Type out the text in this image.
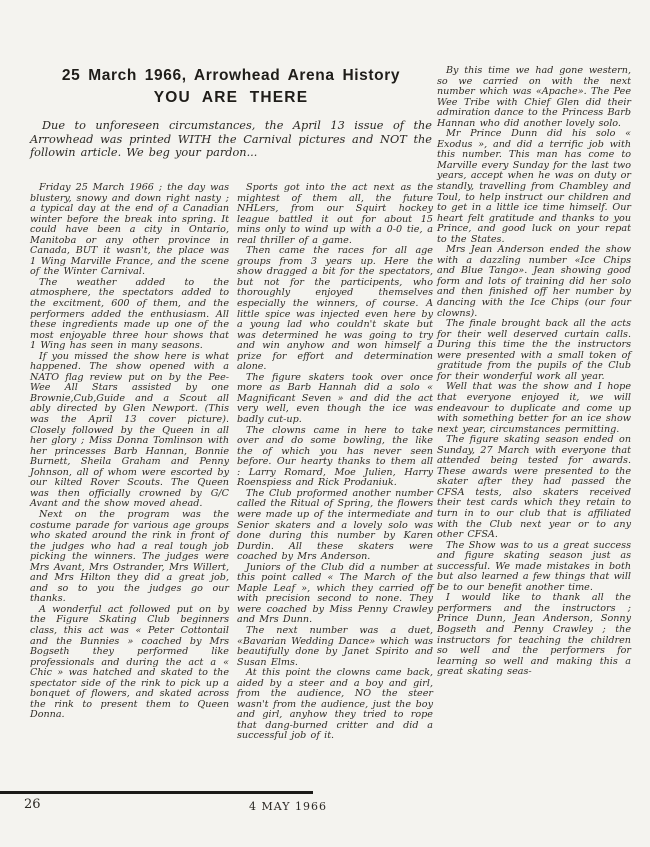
25 March 1966, Arrowhead Arena History
YOU ARE THERE
Due to unforeseen circumstances, the April 13 issue of the Arrowhead was printed WITH the Carnival pictures and NOT the followin article. We beg your pardon...

Friday 25 March 1966 ; the day was blustery, snowy and down right nasty ; a typical day at the end of a Canadian winter before the break into spring. It could have been a city in Ontario, Manitoba or any other province in Canada, BUT it wasn't, the place was 1 Wing Marville France, and the scene of the Winter Carnival.

The weather added to the atmosphere, the spectators added to the excitment, 600 of them, and the performers added the enthusiasm. All these ingredients made up one of the most enjoyable three hour shows that 1 Wing has seen in many seasons.

If you missed the show here is what happened. The show opened with a NATO flag review put on by the Pee-Wee All Stars assisted by one Brownie,Cub,Guide and a Scout all ably directed by Glen Newport. (This was the April 13 cover picture). Closely followed by the Queen in all her glory ; Miss Donna Tomlinson with her princesses Barb Hannan, Bonnie Burnett, Sheila Graham and Penny Johnson, all of whom were escorted by our kilted Rover Scouts. The Queen was then officially crowned by G/C Avant and the show moved ahead.

Next on the program was the costume parade for various age groups who skated around the rink in front of the judges who had a real tough job picking the winners. The judges were Mrs Avant, Mrs Ostrander, Mrs Willert, and Mrs Hilton they did a great job, and so to you the judges go our thanks.

A wonderful act followed put on by the Figure Skating Club beginners class, this act was « Peter Cottontail and the Bunnies » coached by Mrs Bogseth they performed like professionals and during the act a « Chic » was hatched and skated to the spectator side of the rink to pick up a bonquet of flowers, and skated across the rink to present them to Queen Donna.

Sports got into the act next as the mightest of them all, the future NHLers, from our Squirt hockey league battled it out for about 15 mins only to wind up with a 0-0 tie, a real thriller of a game.

Then came the races for all age groups from 3 years up. Here the show dragged a bit for the spectators, but not for the participents, who thoroughly enjoyed themselves especially the winners, of course. A little spice was injected even here by a young lad who couldn't skate but was determined he was going to try and win anyhow and won himself a prize for effort and determination alone.

The figure skaters took over once more as Barb Hannah did a solo « Magnificant Seven » and did the act very well, even though the ice was badly cut-up.

The clowns came in here to take over and do some bowling, the like the of which you has never seen before. Our hearty thanks to them all : Larry Romard, Moe Julien, Harry Roenspiess and Rick Prodaniuk.

The Club proformed another number called the Ritual of Spring, the flowers were made up of the intermediate and Senior skaters and a lovely solo was done during this number by Karen Durdin. All these skaters were coached by Mrs Anderson.

Juniors of the Club did a number at this point called « The March of the Maple Leaf », which they carried off with precision second to none. They were coached by Miss Penny Crawley and Mrs Dunn.

The next number was a duet, «Bavarian Wedding Dance» which was beautifully done by Janet Spirito and Susan Elms.

At this point the clowns came back, aided by a steer and a boy and girl, from the audience, NO the steer wasn't from the audience, just the boy and girl, anyhow they tried to rope that dang-burned critter and did a successful job of it.

By this time we had gone western, so we carried on with the next number which was «Apache». The Pee Wee Tribe with Chief Glen did their admiration dance to the Princess Barb Hannan who did another lovely solo.

Mr Prince Dunn did his solo « Exodus », and did a terrific job with this number. This man has come to Marville every Sunday for the last two years, accept when he was on duty or standly, travelling from Chambley and Toul, to help instruct our children and to get in a little ice time himself. Our heart felt gratitude and thanks to you Prince, and good luck on your repat to the States.

Mrs Jean Anderson ended the show with a dazzling number «Ice Chips and Blue Tango». Jean showing good form and lots of training did her solo and then finished off her number by dancing with the Ice Chips (our four clowns).

The finale brought back all the acts for their well deserved curtain calls. During this time the the instructors were presented with a small token of gratitude from the pupils of the Club for their wonderful work all year.

Well that was the show and I hope that everyone enjoyed it, we will endeavour to duplicate and come up with something better for an ice show next year, circumstances permitting.

The figure skating season ended on Sunday, 27 March with everyone that attended being tested for awards. These awards were presented to the skater after they had passed the CFSA tests, also skaters received their test cards which they retain to turn in to our club that is affiliated with the Club next year or to any other CFSA.

The Show was to us a great success and figure skating season just as successful. We made mistakes in both but also learned a few things that will be to our benefit another time.

I would like to thank all the performers and the instructors ; Prince Dunn, Jean Anderson, Sonny Bogseth and Penny Crawley ; the instructors for teaching the children so well and the performers for learning so well and making this a great skating seas-

26	4 MAY 1966
